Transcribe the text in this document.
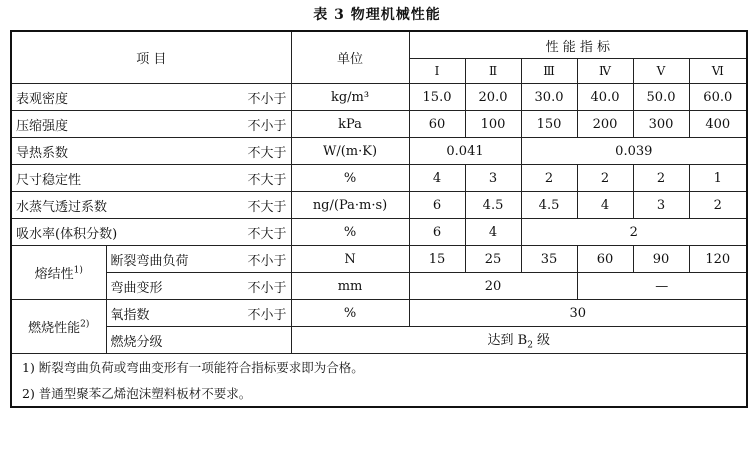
表 3 物理机械性能
项 目		单位	性 能 指 标					
			Ⅰ	Ⅱ	Ⅲ	Ⅳ	Ⅴ	Ⅵ
表观密度 不小于		kg/m³	15.0	20.0	30.0	40.0	50.0	60.0
压缩强度 不小于		kPa	60	100	150	200	300	400
导热系数 不大于		W/(m·K)	0.041		0.039			
尺寸稳定性 不大于		%	4	3	2	2	2	1
水蒸气透过系数 不大于		ng/(Pa·m·s)	6	4.5	4.5	4	3	2
吸水率(体积分数) 不大于		%	6	4	2			
熔结性$^{1)}$	断裂弯曲负荷 不小于	N	15	25	35	60	90	120
	弯曲变形 不小于	mm	20			—		
燃烧性能$^{2)}$	氧指数 不小于	%	30					
	燃烧分级	达到 $B_2$ 级						
1) 断裂弯曲负荷或弯曲变形有一项能符合指标要求即为合格。								
2) 普通型聚苯乙烯泡沫塑料板材不要求。								
